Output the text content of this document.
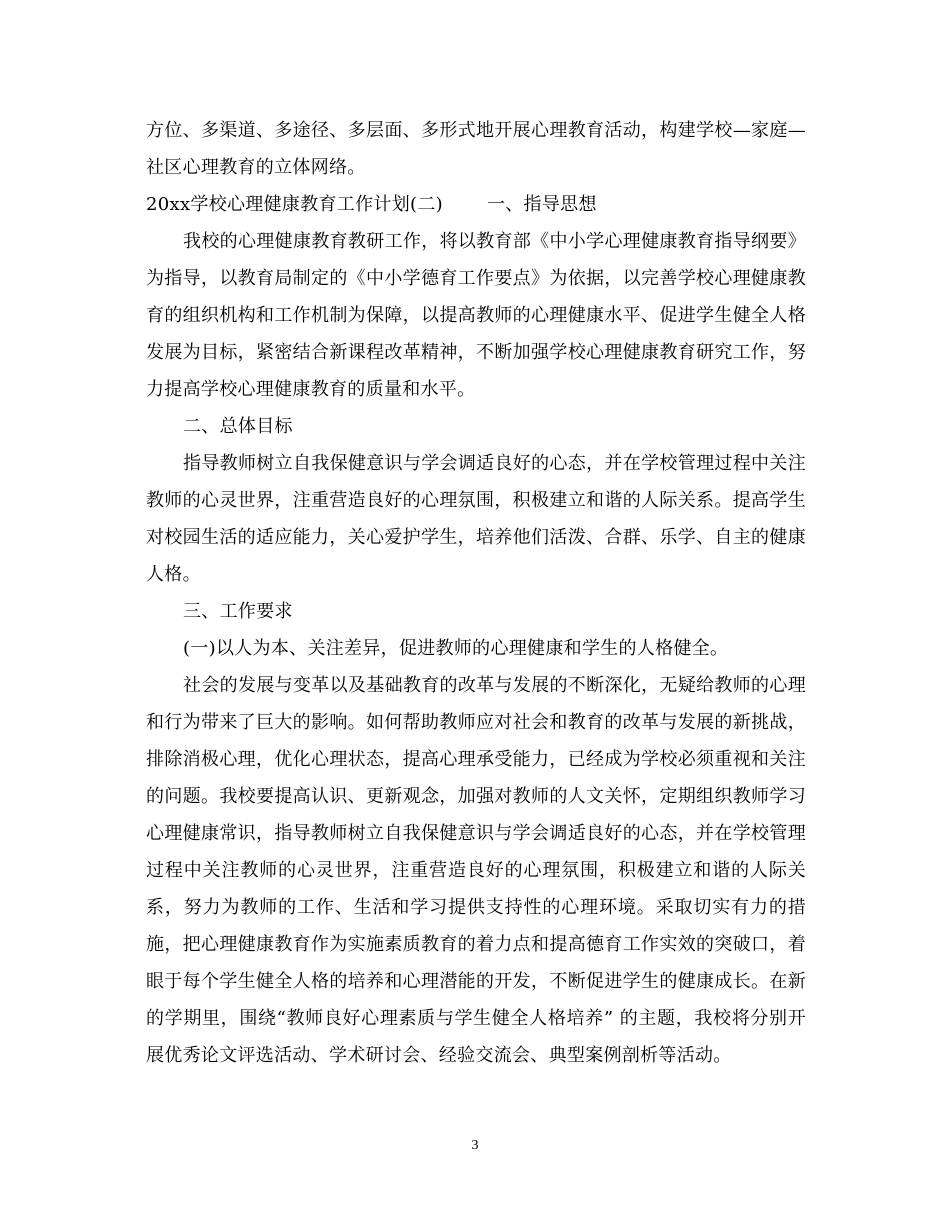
方位、多渠道、多途径、多层面、多形式地开展心理教育活动，构建学校—家庭—社区心理教育的立体网络。

20xx学校心理健康教育工作计划(二) 一、指导思想

我校的心理健康教育教研工作，将以教育部《中小学心理健康教育指导纲要》为指导，以教育局制定的《中小学德育工作要点》为依据，以完善学校心理健康教育的组织机构和工作机制为保障，以提高教师的心理健康水平、促进学生健全人格发展为目标，紧密结合新课程改革精神，不断加强学校心理健康教育研究工作，努力提高学校心理健康教育的质量和水平。

二、总体目标

指导教师树立自我保健意识与学会调适良好的心态，并在学校管理过程中关注教师的心灵世界，注重营造良好的心理氛围，积极建立和谐的人际关系。提高学生对校园生活的适应能力，关心爱护学生，培养他们活泼、合群、乐学、自主的健康人格。

三、工作要求

(一)以人为本、关注差异，促进教师的心理健康和学生的人格健全。

社会的发展与变革以及基础教育的改革与发展的不断深化，无疑给教师的心理和行为带来了巨大的影响。如何帮助教师应对社会和教育的改革与发展的新挑战，排除消极心理，优化心理状态，提高心理承受能力，已经成为学校必须重视和关注的问题。我校要提高认识、更新观念，加强对教师的人文关怀，定期组织教师学习心理健康常识，指导教师树立自我保健意识与学会调适良好的心态，并在学校管理过程中关注教师的心灵世界，注重营造良好的心理氛围，积极建立和谐的人际关系，努力为教师的工作、生活和学习提供支持性的心理环境。采取切实有力的措施，把心理健康教育作为实施素质教育的着力点和提高德育工作实效的突破口，着眼于每个学生健全人格的培养和心理潜能的开发，不断促进学生的健康成长。在新的学期里，围绕“教师良好心理素质与学生健全人格培养” 的主题，我校将分别开展优秀论文评选活动、学术研讨会、经验交流会、典型案例剖析等活动。

3
